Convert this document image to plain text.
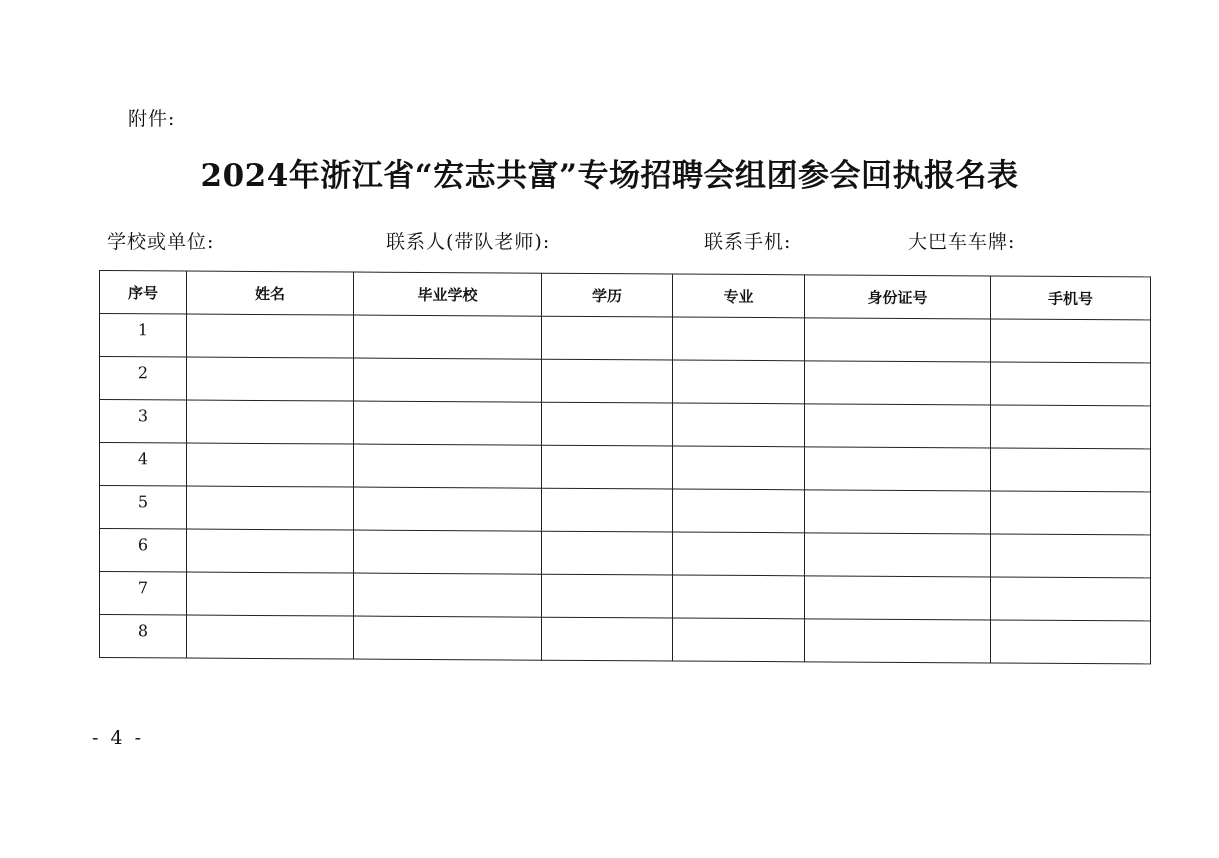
附件:
2024年浙江省“宏志共富”专场招聘会组团参会回执报名表
学校或单位:	联系人(带队老师):	联系手机:	大巴车车牌:
序号	姓名	毕业学校	学历	专业	身份证号	手机号
1						
2						
3						
4						
5						
6						
7						
8						
- 4 -
